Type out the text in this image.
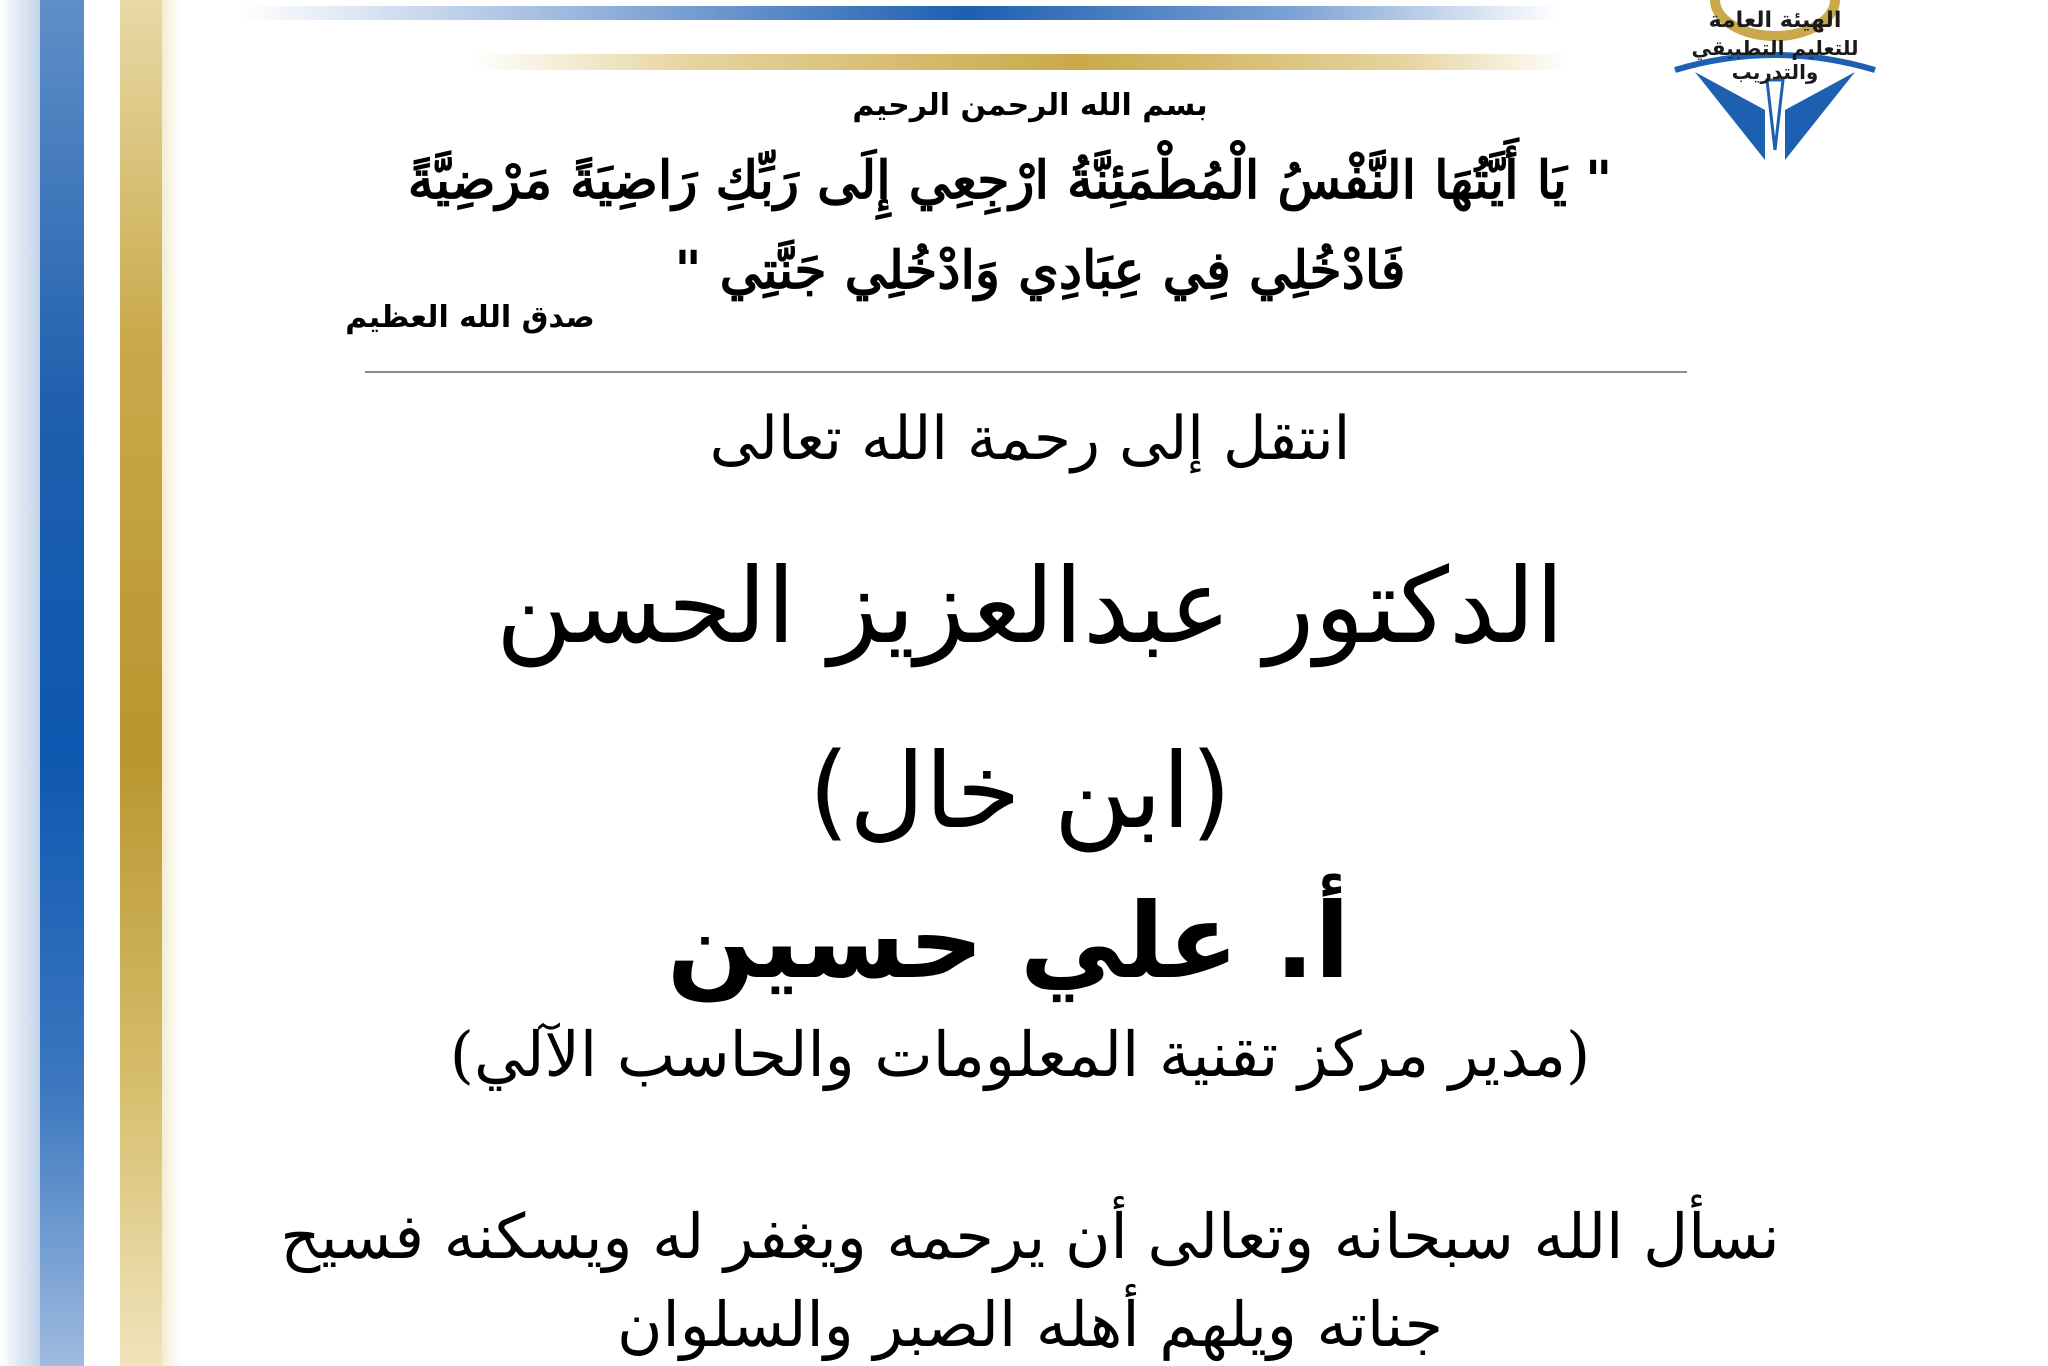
الهيئة العامة
للتعليم التطبيقي والتدريب
بسم الله الرحمن الرحيم
" يَا أَيَّتُهَا النَّفْسُ الْمُطْمَئِنَّةُ ارْجِعِي إِلَى رَبِّكِ رَاضِيَةً مَرْضِيَّةً
فَادْخُلِي فِي عِبَادِي وَادْخُلِي جَنَّتِي "
صدق الله العظيم
انتقل إلى رحمة الله تعالى
الدكتور عبدالعزيز الحسن
(ابن خال)
أ. علي حسين
(مدير مركز تقنية المعلومات والحاسب الآلي)
نسأل الله سبحانه وتعالى أن يرحمه ويغفر له ويسكنه فسيح
جناته ويلهم أهله الصبر والسلوان
